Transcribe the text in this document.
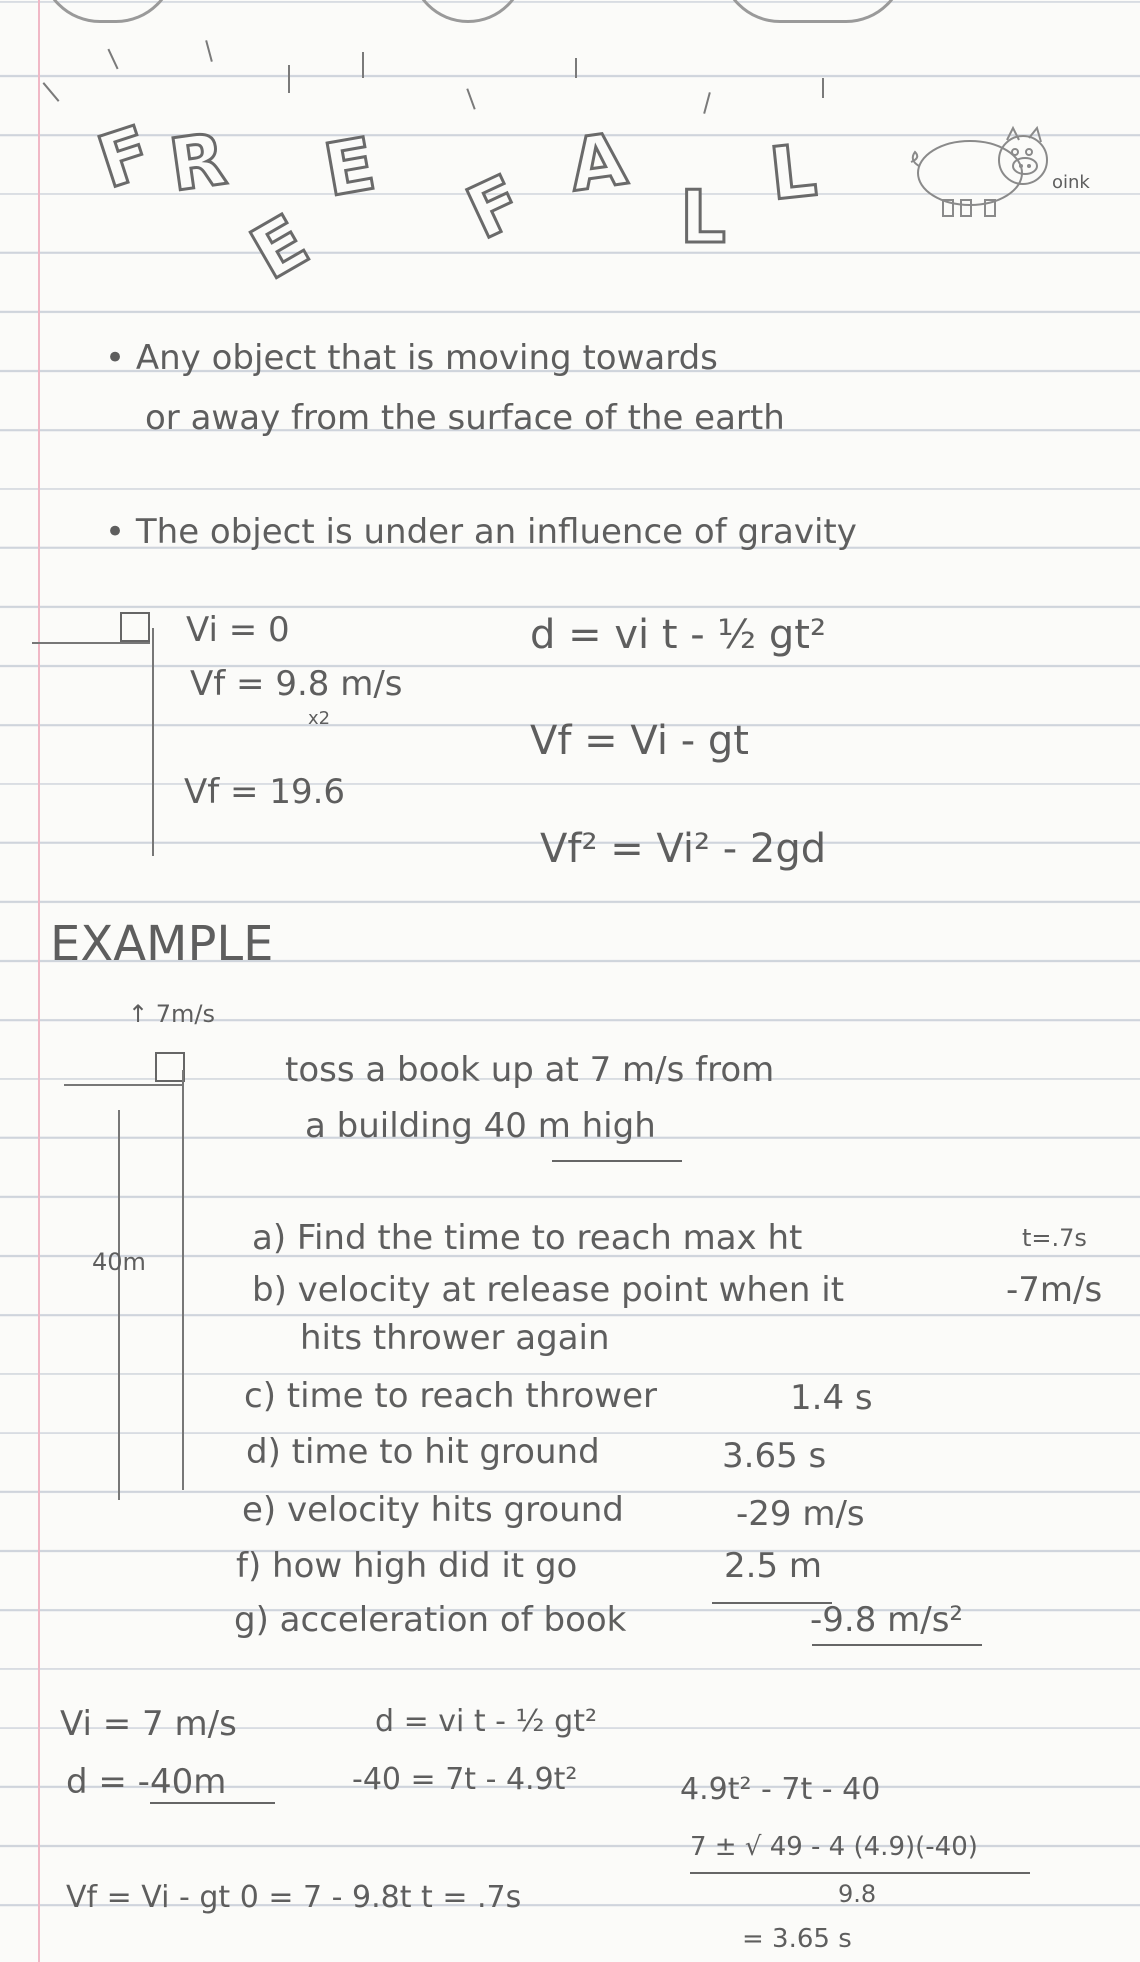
F R
E
E F A
L
L	oink
• Any object that is moving towards
or away from the surface of the earth
• The object is under an influence of gravity
Vi = 0
Vf = 9.8 m/s
x2
Vf = 19.6
d = vi t - ½ gt²
Vf = Vi - gt
Vf² = Vi² - 2gd
EXAMPLE
↑ 7m/s
40m
toss a book up at 7 m/s from
a building 40 m high
a) Find the time to reach max ht	t=.7s
b) velocity at release point when it	-7m/s
hits thrower again
c) time to reach thrower	1.4 s
d) time to hit ground	3.65 s
e) velocity hits ground	-29 m/s
f) how high did it go	2.5 m
g) acceleration of book	-9.8 m/s²
Vi = 7 m/s
d = -40m
d = vi t - ½ gt²
-40 = 7t - 4.9t²	4.9t² - 7t - 40
7 ± √ 49 - 4 (4.9)(-40)
9.8
= 3.65 s
Vf = Vi - gt 0 = 7 - 9.8t t = .7s
